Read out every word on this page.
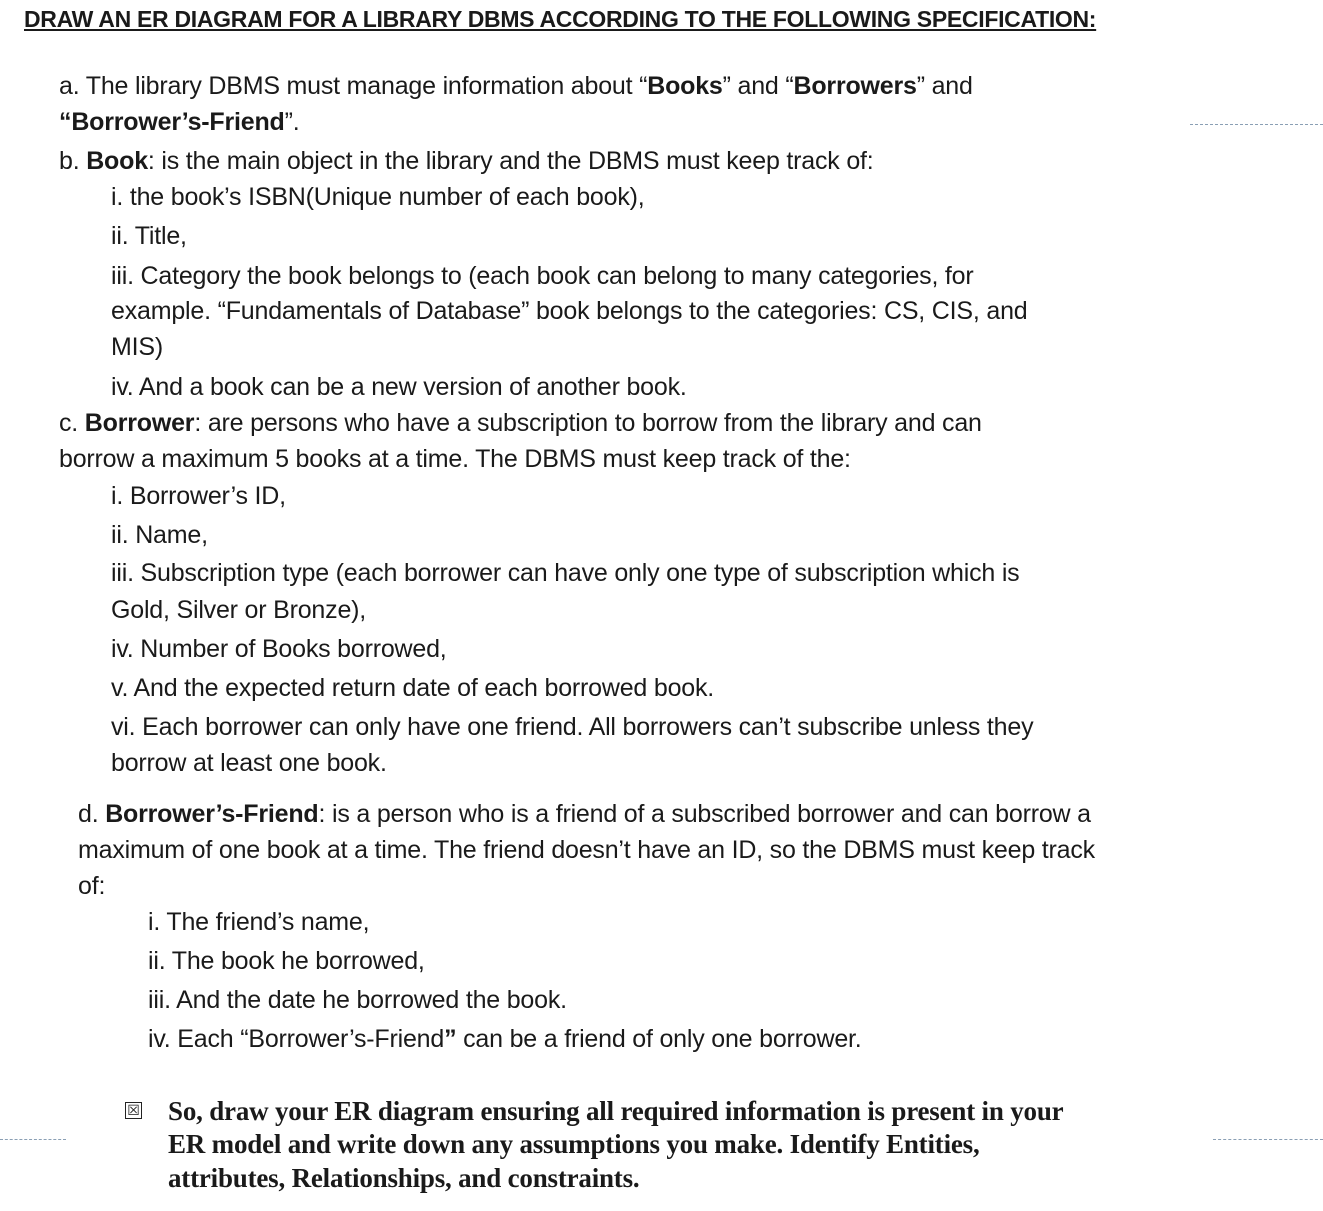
DRAW AN ER DIAGRAM FOR A LIBRARY DBMS ACCORDING TO THE FOLLOWING SPECIFICATION:
a. The library DBMS must manage information about “Books” and “Borrowers” and
“Borrower’s-Friend”.
b. Book: is the main object in the library and the DBMS must keep track of:
i. the book’s ISBN(Unique number of each book),
ii. Title,
iii. Category the book belongs to (each book can belong to many categories, for
example. “Fundamentals of Database” book belongs to the categories: CS, CIS, and
MIS)
iv. And a book can be a new version of another book.
c. Borrower: are persons who have a subscription to borrow from the library and can
borrow a maximum 5 books at a time. The DBMS must keep track of the:
i. Borrower’s ID,
ii. Name,
iii. Subscription type (each borrower can have only one type of subscription which is
Gold, Silver or Bronze),
iv. Number of Books borrowed,
v. And the expected return date of each borrowed book.
vi. Each borrower can only have one friend. All borrowers can’t subscribe unless they
borrow at least one book.
d. Borrower’s-Friend: is a person who is a friend of a subscribed borrower and can borrow a
maximum of one book at a time. The friend doesn’t have an ID, so the DBMS must keep track
of:
i. The friend’s name,
ii. The book he borrowed,
iii. And the date he borrowed the book.
iv. Each “Borrower’s-Friend” can be a friend of only one borrower.
☒ So, draw your ER diagram ensuring all required information is present in your
ER model and write down any assumptions you make. Identify Entities,
attributes, Relationships, and constraints.
